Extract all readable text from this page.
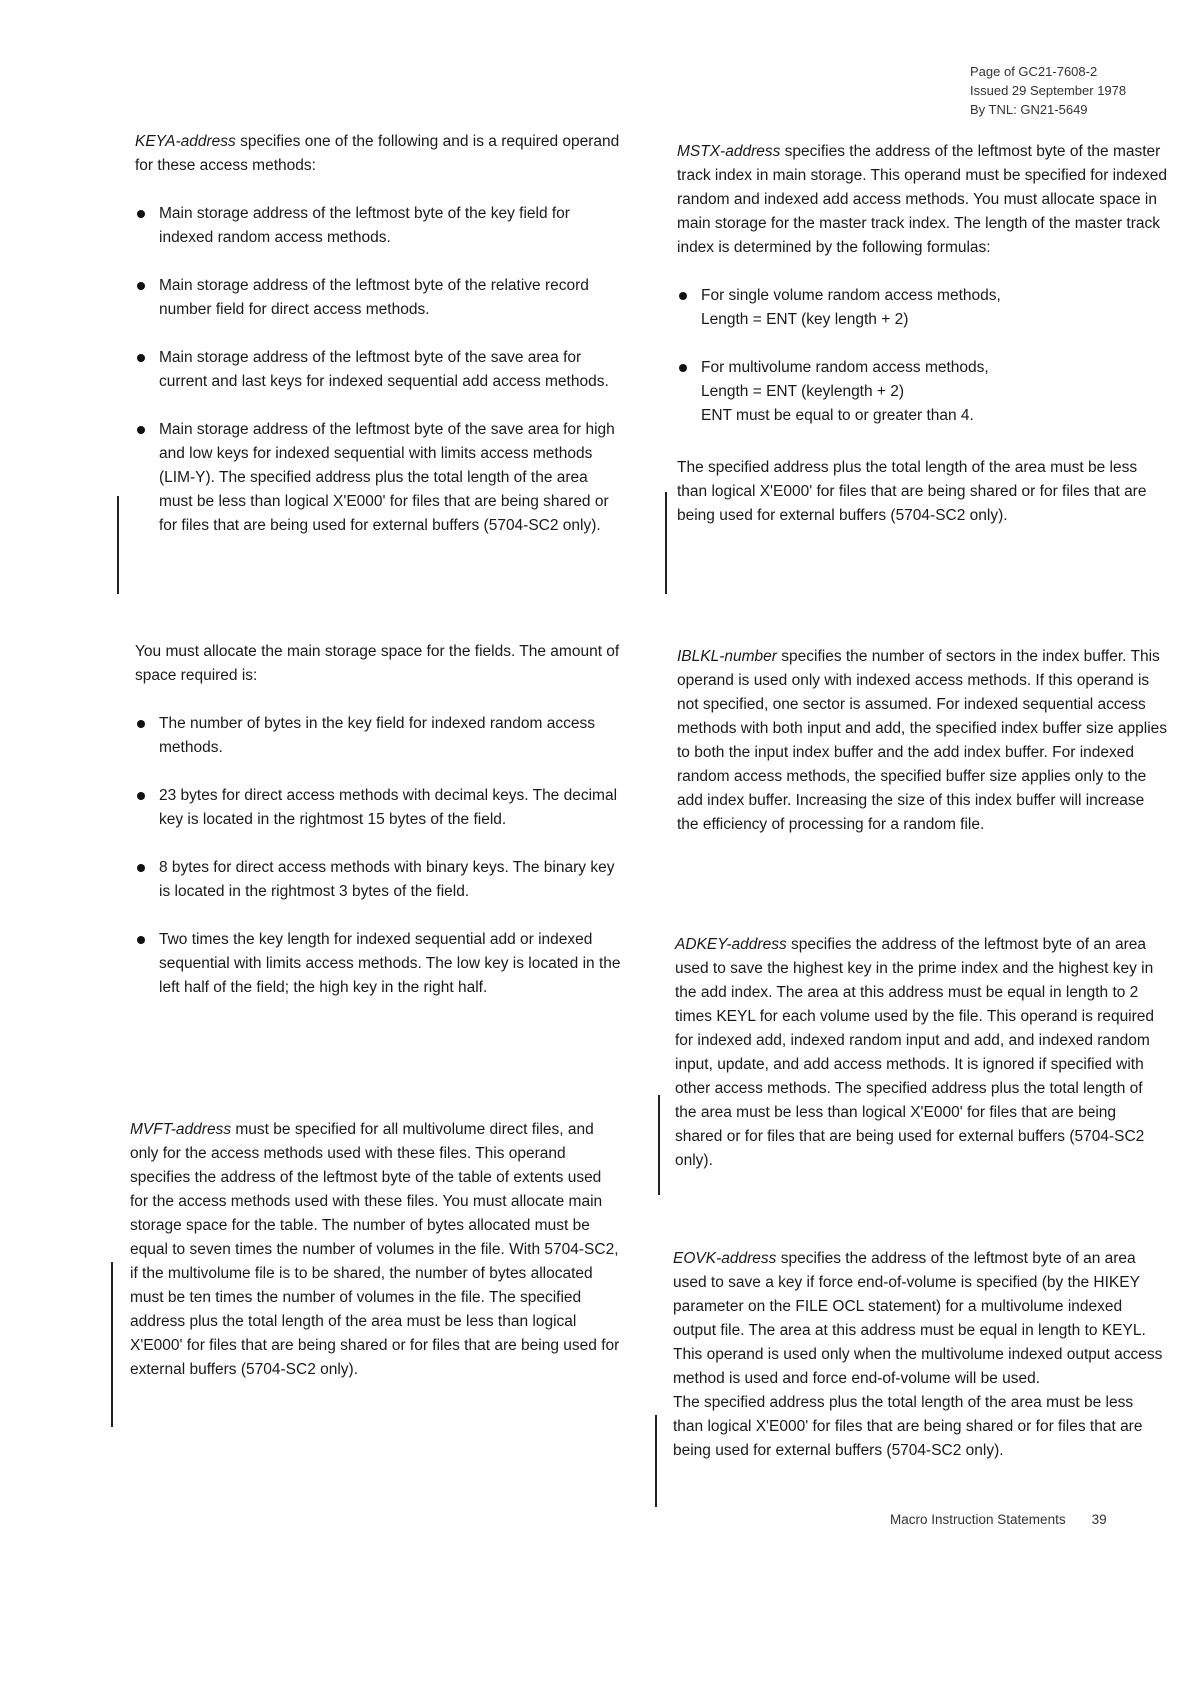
Page of GC21-7608-2
Issued 29 September 1978
By TNL: GN21-5649

KEYA-address specifies one of the following and is a required operand for these access methods:

Main storage address of the leftmost byte of the key field for indexed random access methods.
Main storage address of the leftmost byte of the relative record number field for direct access methods.
Main storage address of the leftmost byte of the save area for current and last keys for indexed sequential add access methods.
Main storage address of the leftmost byte of the save area for high and low keys for indexed sequential with limits access methods (LIM-Y). The specified address plus the total length of the area must be less than logical X'E000' for files that are being shared or for files that are being used for external buffers (5704-SC2 only).

You must allocate the main storage space for the fields. The amount of space required is:

The number of bytes in the key field for indexed random access methods.
23 bytes for direct access methods with decimal keys. The decimal key is located in the rightmost 15 bytes of the field.
8 bytes for direct access methods with binary keys. The binary key is located in the rightmost 3 bytes of the field.
Two times the key length for indexed sequential add or indexed sequential with limits access methods. The low key is located in the left half of the field; the high key in the right half.

MVFT-address must be specified for all multivolume direct files, and only for the access methods used with these files. This operand specifies the address of the leftmost byte of the table of extents used for the access methods used with these files. You must allocate main storage space for the table. The number of bytes allocated must be equal to seven times the number of volumes in the file. With 5704-SC2, if the multivolume file is to be shared, the number of bytes allocated must be ten times the number of volumes in the file. The specified address plus the total length of the area must be less than logical X'E000' for files that are being shared or for files that are being used for external buffers (5704-SC2 only).

MSTX-address specifies the address of the leftmost byte of the master track index in main storage. This operand must be specified for indexed random and indexed add access methods. You must allocate space in main storage for the master track index. The length of the master track index is determined by the following formulas:

For single volume random access methods,
Length = ENT (key length + 2)
For multivolume random access methods,
Length = ENT (keylength + 2)
ENT must be equal to or greater than 4.

The specified address plus the total length of the area must be less than logical X'E000' for files that are being shared or for files that are being used for external buffers (5704-SC2 only).

IBLKL-number specifies the number of sectors in the index buffer. This operand is used only with indexed access methods. If this operand is not specified, one sector is assumed. For indexed sequential access methods with both input and add, the specified index buffer size applies to both the input index buffer and the add index buffer. For indexed random access methods, the specified buffer size applies only to the add index buffer. Increasing the size of this index buffer will increase the efficiency of processing for a random file.

ADKEY-address specifies the address of the leftmost byte of an area used to save the highest key in the prime index and the highest key in the add index. The area at this address must be equal in length to 2 times KEYL for each volume used by the file. This operand is required for indexed add, indexed random input and add, and indexed random input, update, and add access methods. It is ignored if specified with other access methods. The specified address plus the total length of the area must be less than logical X'E000' for files that are being shared or for files that are being used for external buffers (5704-SC2 only).

EOVK-address specifies the address of the leftmost byte of an area used to save a key if force end-of-volume is specified (by the HIKEY parameter on the FILE OCL statement) for a multivolume indexed output file. The area at this address must be equal in length to KEYL. This operand is used only when the multivolume indexed output access method is used and force end-of-volume will be used.

The specified address plus the total length of the area must be less than logical X'E000' for files that are being shared or for files that are being used for external buffers (5704-SC2 only).

Macro Instruction Statements 39
